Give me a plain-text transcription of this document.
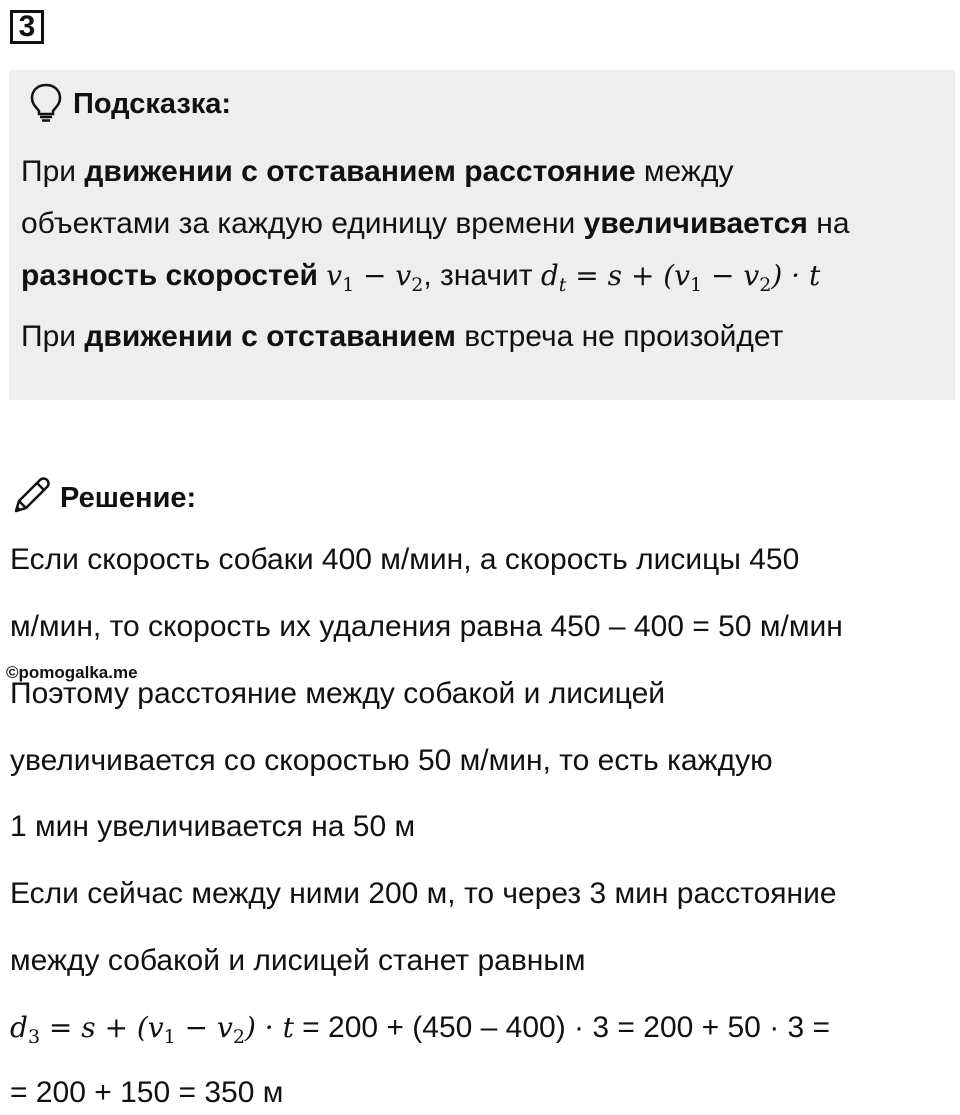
3
Подсказка:

При движении с отставанием расстояние между

объектами за каждую единицу времени увеличивается на

разность скоростей $v_1 - v_2$, значит $d_t = s + (v_1 - v_2) \cdot t$

При движении с отставанием встреча не произойдет

Решение:
Если скорость собаки 400 м/мин, а скорость лисицы 450
м/мин, то скорость их удаления равна 450 – 400 = 50 м/мин
©pomogalka.me
Поэтому расстояние между собакой и лисицей
увеличивается со скоростью 50 м/мин, то есть каждую
1 мин увеличивается на 50 м
Если сейчас между ними 200 м, то через 3 мин расстояние
между собакой и лисицей станет равным
$d_3 = s + (v_1 - v_2) \cdot t = 200 + (450 - 400) \cdot 3 = 200 + 50 \cdot 3$ =
= 200 + 150 = 350 м
